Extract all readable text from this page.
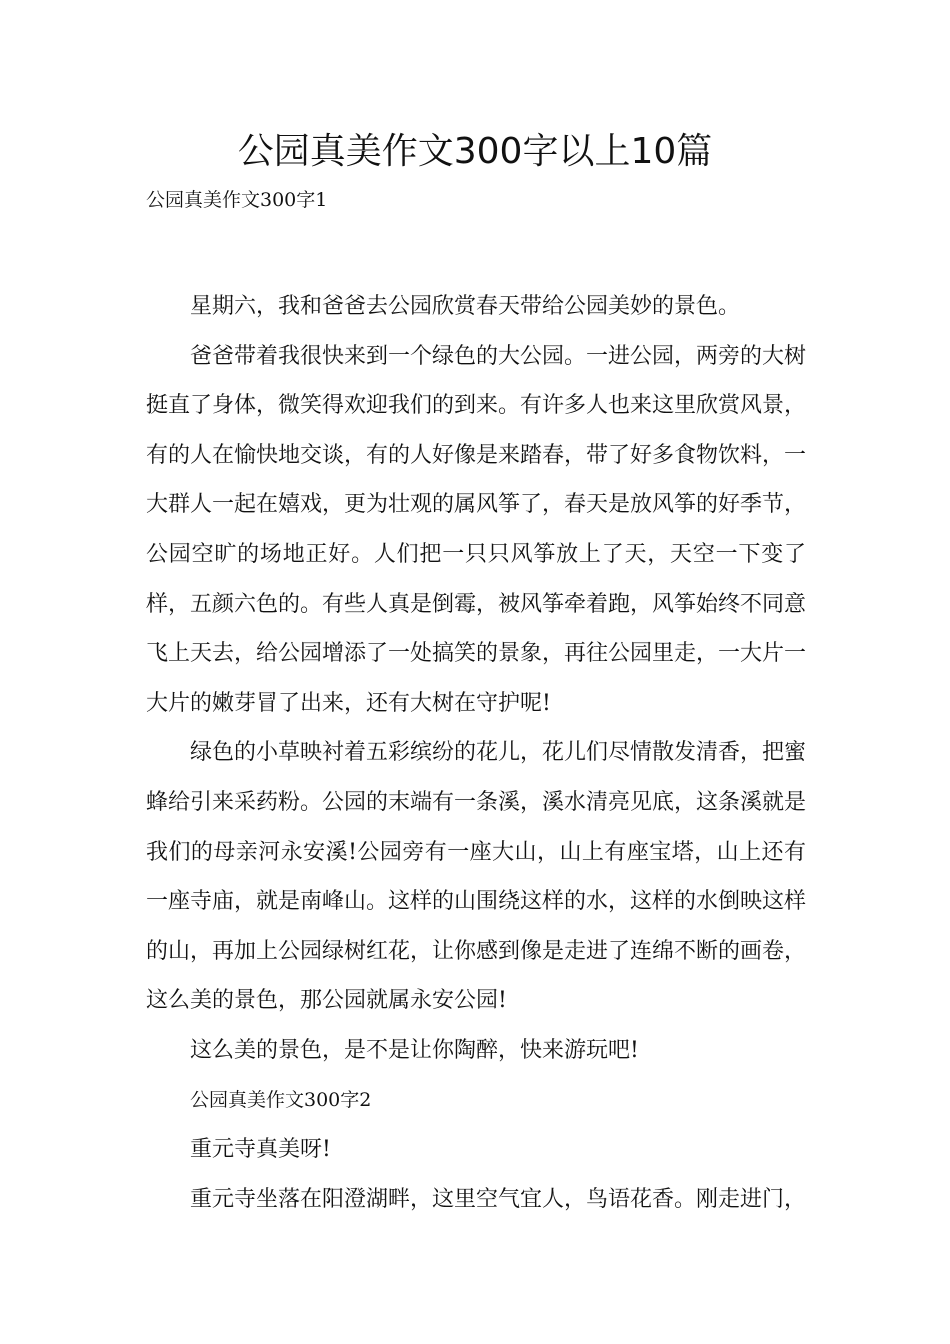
公园真美作文300字以上10篇

公园真美作文300字1

星期六，我和爸爸去公园欣赏春天带给公园美妙的景色。

爸爸带着我很快来到一个绿色的大公园。一进公园，两旁的大树挺直了身体，微笑得欢迎我们的到来。有许多人也来这里欣赏风景，有的人在愉快地交谈，有的人好像是来踏春，带了好多食物饮料，一大群人一起在嬉戏，更为壮观的属风筝了，春天是放风筝的好季节，公园空旷的场地正好。人们把一只只风筝放上了天，天空一下变了样，五颜六色的。有些人真是倒霉，被风筝牵着跑，风筝始终不同意飞上天去，给公园增添了一处搞笑的景象，再往公园里走，一大片一大片的嫩芽冒了出来，还有大树在守护呢!

绿色的小草映衬着五彩缤纷的花儿，花儿们尽情散发清香，把蜜蜂给引来采药粉。公园的末端有一条溪，溪水清亮见底，这条溪就是我们的母亲河永安溪!公园旁有一座大山，山上有座宝塔，山上还有一座寺庙，就是南峰山。这样的山围绕这样的水，这样的水倒映这样的山，再加上公园绿树红花，让你感到像是走进了连绵不断的画卷，这么美的景色，那公园就属永安公园!

这么美的景色，是不是让你陶醉，快来游玩吧!

公园真美作文300字2

重元寺真美呀!

重元寺坐落在阳澄湖畔，这里空气宜人，鸟语花香。刚走进门，
